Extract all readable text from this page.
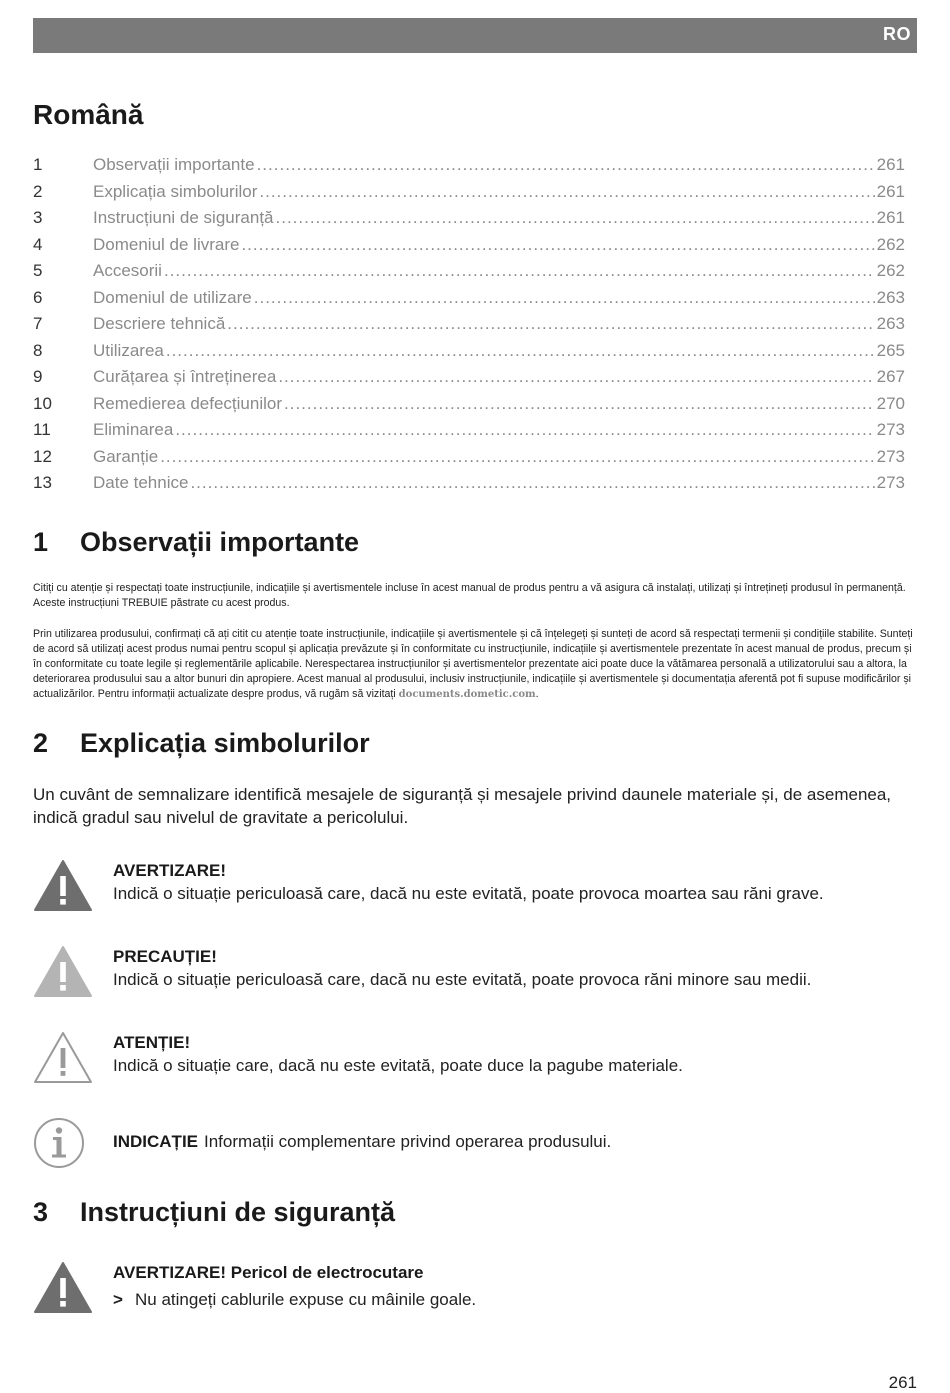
RO
Română
1	Observații importante .....	261
2	Explicația simbolurilor .....	261
3	Instrucțiuni de siguranță .....	261
4	Domeniul de livrare .....	262
5	Accesorii .....	262
6	Domeniul de utilizare .....	263
7	Descriere tehnică .....	263
8	Utilizarea .....	265
9	Curățarea și întreținerea .....	267
10	Remedierea defecțiunilor .....	270
11	Eliminarea .....	273
12	Garanție .....	273
13	Date tehnice .....	273
1 Observații importante

Citiți cu atenție și respectați toate instrucțiunile, indicațiile și avertismentele incluse în acest manual de produs pentru a vă asigura că instalați, utilizați și întrețineți produsul în permanență. Aceste instrucțiuni TREBUIE păstrate cu acest produs.

Prin utilizarea produsului, confirmați că ați citit cu atenție toate instrucțiunile, indicațiile și avertismentele și că înțelegeți și sunteți de acord să respectați termenii și condițiile stabilite. Sunteți de acord să utilizați acest produs numai pentru scopul și aplicația prevăzute și în conformitate cu instrucțiunile, indicațiile și avertismentele prezentate în acest manual de produs, precum și în conformitate cu toate legile și reglementările aplicabile. Nerespectarea instrucțiunilor și avertismentelor prezentate aici poate duce la vătămarea personală a utilizatorului sau a altora, la deteriorarea produsului sau a altor bunuri din apropiere. Acest manual al produsului, inclusiv instrucțiunile, indicațiile și avertismentele și documentația aferentă pot fi supuse modificărilor și actualizărilor. Pentru informații actualizate despre produs, vă rugăm să vizitați documents.dometic.com.

2 Explicația simbolurilor

Un cuvânt de semnalizare identifică mesajele de siguranță și mesajele privind daunele materiale și, de asemenea, indică gradul sau nivelul de gravitate a pericolului.

AVERTIZARE!
Indică o situație periculoasă care, dacă nu este evitată, poate provoca moartea sau răni grave.
PRECAUȚIE!
Indică o situație periculoasă care, dacă nu este evitată, poate provoca răni minore sau medii.
ATENȚIE!
Indică o situație care, dacă nu este evitată, poate duce la pagube materiale.
INDICAȚIE Informații complementare privind operarea produsului.
3 Instrucțiuni de siguranță
AVERTIZARE! Pericol de electrocutare
> Nu atingeți cablurile expuse cu mâinile goale.
261
